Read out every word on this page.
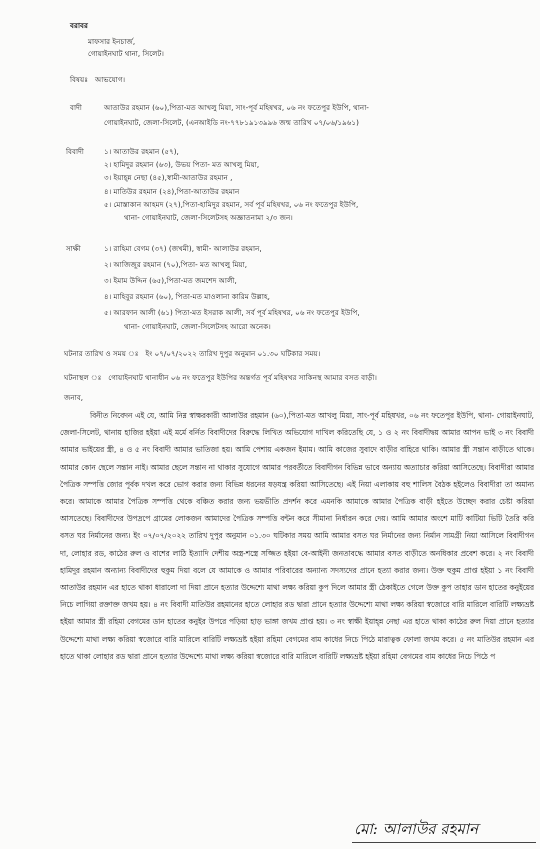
বরাবর
মাফসার ইনচার্জ,
গোয়াইনঘাট থানা, সিলেট।
বিষয়ঃ আভযোগ।
বাদী	আতাউর রহমান (৬০),পিতা-মত আখলু মিয়া, সাং-পূর্ব মহিষখর, ০৬ নং ফতেপুর ইউপি, থানা-
গোয়াইনঘাট, জেলা-সিলেট, (এনআইডি নং-৭৭৮১৯১৩৯৯৬ জন্ম তারিখ ০৭/০৬/১৯৬১)
বিবাদী	১। আতাউর রহমান (৫৭),
২। হামিদুর রহমান (৬৩), উভয় পিতা- মত আখলু মিয়া,
৩। ইয়াহ্ন্ন নেছা (৪৫),স্বামী-আতাউর রহমান ,
৪। মাতিউর রহমান (২৪),পিতা-আতাউর রহমান
৫। মোস্তাকান আহমদ (২৭),পিতা-হামিদুর রহমান, সর্ব পূর্ব মহিষখর, ০৬ নং ফতেপুর ইউপি,
থানা- গোয়াইনঘাট, জেলা-সিলেটসহ অজ্ঞাতনামা ২/৩ জন।
সাক্ষী	১। রাহিমা বেগম (৩৭) (জখমী), স্বামী- আলাউর রহমান,
২। আজিজুর রহমান (৭০),পিতা- মত আখলু মিয়া,
৩। ইমাম উদ্দিন (৬৫),পিতা-মত জমশেদ আলী,
৪। মাহিবুর রহমান (৬০), পিতা-মত মাওলানা কারিম উল্লাহ,
৫। আরফান আলী (৬১) পিতা-মত ইসরাক আলী, সর্ব পূর্ব মহিষখর, ০৬ নং ফতেপুর ইউপি,
থানা- গোয়াইনঘাট, জেলা-সিলেটসহ আরো অনেক।
ঘটনার তারিখ ও সময় ঃ ইং ০৭/০৭/২০২২ তারিখ দুপুর অনুমান ০১.৩০ ঘটিকার সময়।
ঘটনাস্থল ঃ গোয়াইনঘাট থানাধীন ০৬ নং ফতেপুর ইউপির অন্তর্গত পূর্ব মহিষখর সাকিনস্থ আমার বসত বাড়ী।
জনাব,
বিনীত নিবেদন এই যে, আমি নিম্ন স্বাক্ষরকারী আলাউর রহমান (৬০),পিতা-মত আখলু মিয়া, সাং-পূর্ব মহিষখর, ০৬ নং ফতেপুর ইউপি, থানা- গোয়াইনঘাট, জেলা-সিলেট, থানায় হাজির হইয়া এই মর্মে বর্নিত বিবাদীদের বিরুদ্ধে লিখিত অভিযোগ দাখিল করিতেছি যে, ১ ও ২ নং বিবাদীদ্বয় আমার আপন ভাই ৩ নং বিবাদী আমার ভাইয়ের স্ত্রী, ৪ ও ৫ নং বিবাদী আমার ভাতিজা হয়। আমি পেশায় একজন ইমাম। আমি কাজের সুবাদে বাড়ীর বাহিরে থাকি। আমার স্ত্রী সন্তান বাড়ীতে থাকে। আমার কোন ছেলে সন্তান নাই। আমার ছেলে সন্তান না থাকার সুযোগে আমার পরবর্তীতে বিবাদীগন বিভিন্ন ভাবে অন্যায় অত্যাচার করিয়া আসিতেছে। বিবাদীরা আমার পৈত্রিক সম্পত্তি জোর পূর্বক দখল করে ভোগ করার জন্য বিভিন্ন ধরনের ষড়যন্ত্র করিয়া আসিতেছে। এই নিয়া এলাকায় বহু শালিস বৈঠক হইলেও বিবাদীরা তা অমান্য করে। আমাকে আমার পৈত্রিক সম্পত্তি থেকে বঞ্চিত করার জন্য ভয়ভীতি প্রদর্শন করে এমনকি আমাকে আমার পৈত্রিক বাড়ী হইতে উচ্ছেদ করার চেষ্টা করিয়া আসতেছে। বিবাদীদের উপদ্রপে গ্রামের লোকজন আমাদের পৈত্রিক সম্পত্তি বন্টন করে সীমানা নির্ধারন করে দেয়। আমি আমার অংশে মাটি কাটিয়া ভিটি তৈরি করি বসত ঘর নির্মানের জন্য। ইং ০৭/০৭/২০২২ তারিখ দুপুর অনুমান ০১.৩০ ঘটিকার সময় আমি আমার বসত ঘর নির্মানের জন্য নির্মান সামগ্রী নিয়া আসিলে বিবাদীগন দা, লোহার রড, কাঠের রুল ও বাশের লাঠি ইত্যাদি দেশীয় অস্ত্র-শস্ত্রে সজ্জিত হইয়া বে-আইনী জনতাবদ্ধে আমার বসত বাড়ীতে অনধিকার প্রবেশ করে। ২ নং বিবাদী হামিদুর রহমান অন্যান্য বিবাদীদের হুকুম দিয়া বলে যে আমাকে ও আমার পরিবারের অন্যান্য সদস্যদের প্রানে হত্যা করার জন্য। উক্ত হুকুম প্রাপ্ত হইয়া ১ নং বিবাদী আতাউর রহমান এর হাতে থাকা ধারালো দা দিয়া প্রানে হত্যার উদ্দেশ্যে মাথা লক্ষ্য করিয়া কুপ দিলে আমার স্ত্রী ঠেকাইতে গেলে উক্ত কুপ তাহার ডান হাতের কনুইয়ের নিচে লাগিয়া রক্তাক্ত জখম হয়। ৪ নং বিবাদী মাতিউর রহমানের হাতে লোহার রড দ্বারা প্রানে হত্যার উদ্দেশ্যে মাথা লক্ষ্য করিয়া স্বজোরে বারি মারিলে বারিটি লক্ষ্যভ্রষ্ট হইয়া আমার স্ত্রী রহিমা বেগমের ডান হাতের কনুইর উপরে পড়িয়া হাড় ভাঙ্গা জখম প্রাপ্ত হয়। ৩ নং স্বাক্ষী ইয়াহ্ন্ন নেছা এর হাতে থাকা কাঠের রুল দিয়া প্রানে হত্যার উদ্দেশ্যে মাথা লক্ষ্য করিয়া স্বজোরে বারি মারিলে বারিটি লক্ষ্যভ্রষ্ট হইয়া রহিমা বেগমের বাম কাধের নিচে পিঠে মারাত্বক ফোলা জখম করে। ৫ নং মাতিউর রহমান এর হাতে থাকা লোহার রড দ্বারা প্রানে হত্যার উদ্দেশ্যে মাথা লক্ষ্য করিয়া স্বজোরে বারি মারিলে বারিটি লক্ষ্যভ্রষ্ট হইয়া রহিমা বেগমের বাম কাধের নিচে পিঠে প
মো: আলাউর রহমান
